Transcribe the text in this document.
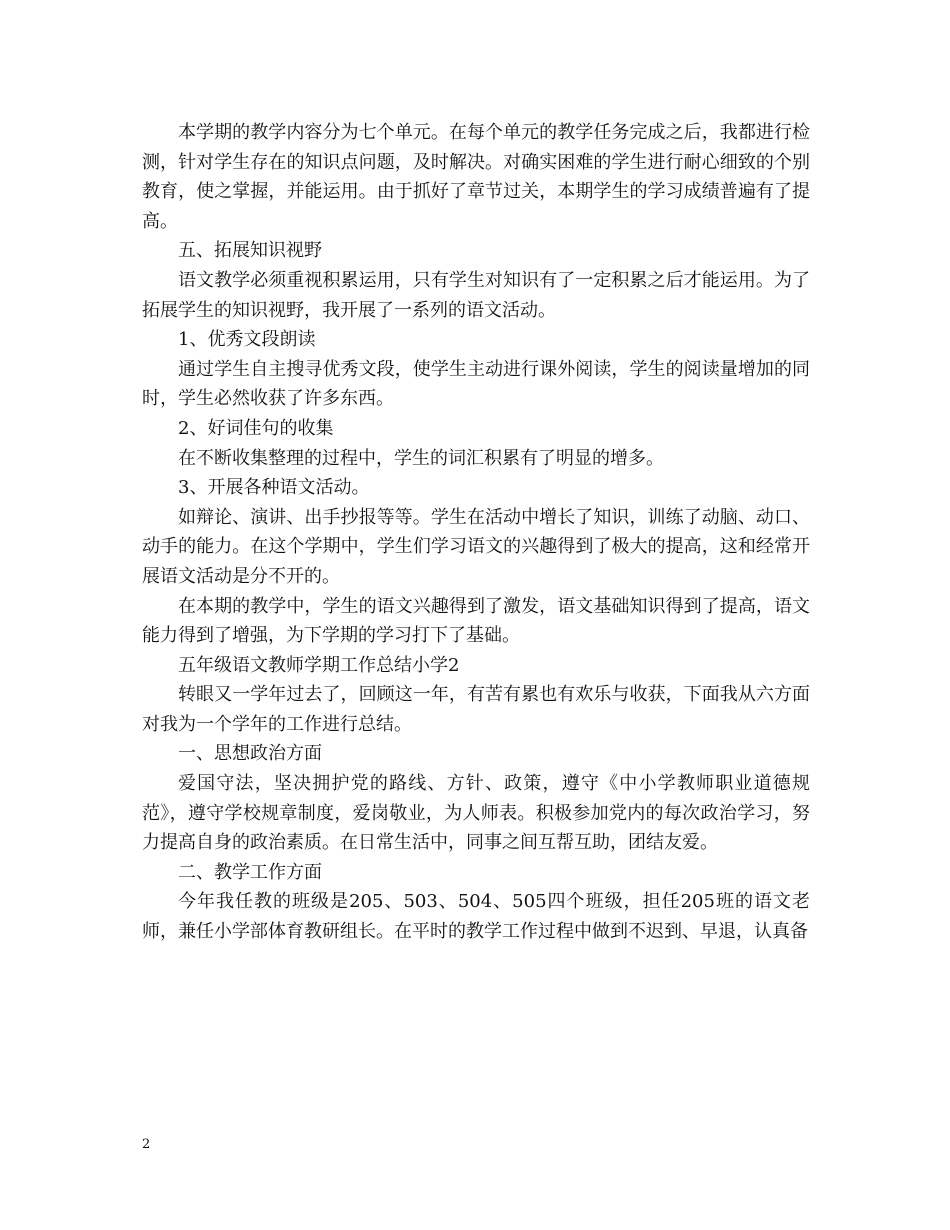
本学期的教学内容分为七个单元。在每个单元的教学任务完成之后，我都进行检测，针对学生存在的知识点问题，及时解决。对确实困难的学生进行耐心细致的个别教育，使之掌握，并能运用。由于抓好了章节过关，本期学生的学习成绩普遍有了提高。

五、拓展知识视野

语文教学必须重视积累运用，只有学生对知识有了一定积累之后才能运用。为了拓展学生的知识视野，我开展了一系列的语文活动。

1、优秀文段朗读

通过学生自主搜寻优秀文段，使学生主动进行课外阅读，学生的阅读量增加的同时，学生必然收获了许多东西。

2、好词佳句的收集

在不断收集整理的过程中，学生的词汇积累有了明显的增多。

3、开展各种语文活动。

如辩论、演讲、出手抄报等等。学生在活动中增长了知识，训练了动脑、动口、动手的能力。在这个学期中，学生们学习语文的兴趣得到了极大的提高，这和经常开展语文活动是分不开的。

在本期的教学中，学生的语文兴趣得到了激发，语文基础知识得到了提高，语文能力得到了增强，为下学期的学习打下了基础。

五年级语文教师学期工作总结小学2

转眼又一学年过去了，回顾这一年，有苦有累也有欢乐与收获，下面我从六方面对我为一个学年的工作进行总结。

一、思想政治方面

爱国守法，坚决拥护党的路线、方针、政策，遵守《中小学教师职业道德规范》，遵守学校规章制度，爱岗敬业，为人师表。积极参加党内的每次政治学习，努力提高自身的政治素质。在日常生活中，同事之间互帮互助，团结友爱。

二、教学工作方面

今年我任教的班级是205、503、504、505四个班级，担任205班的语文老师，兼任小学部体育教研组长。在平时的教学工作过程中做到不迟到、早退，认真备

2
